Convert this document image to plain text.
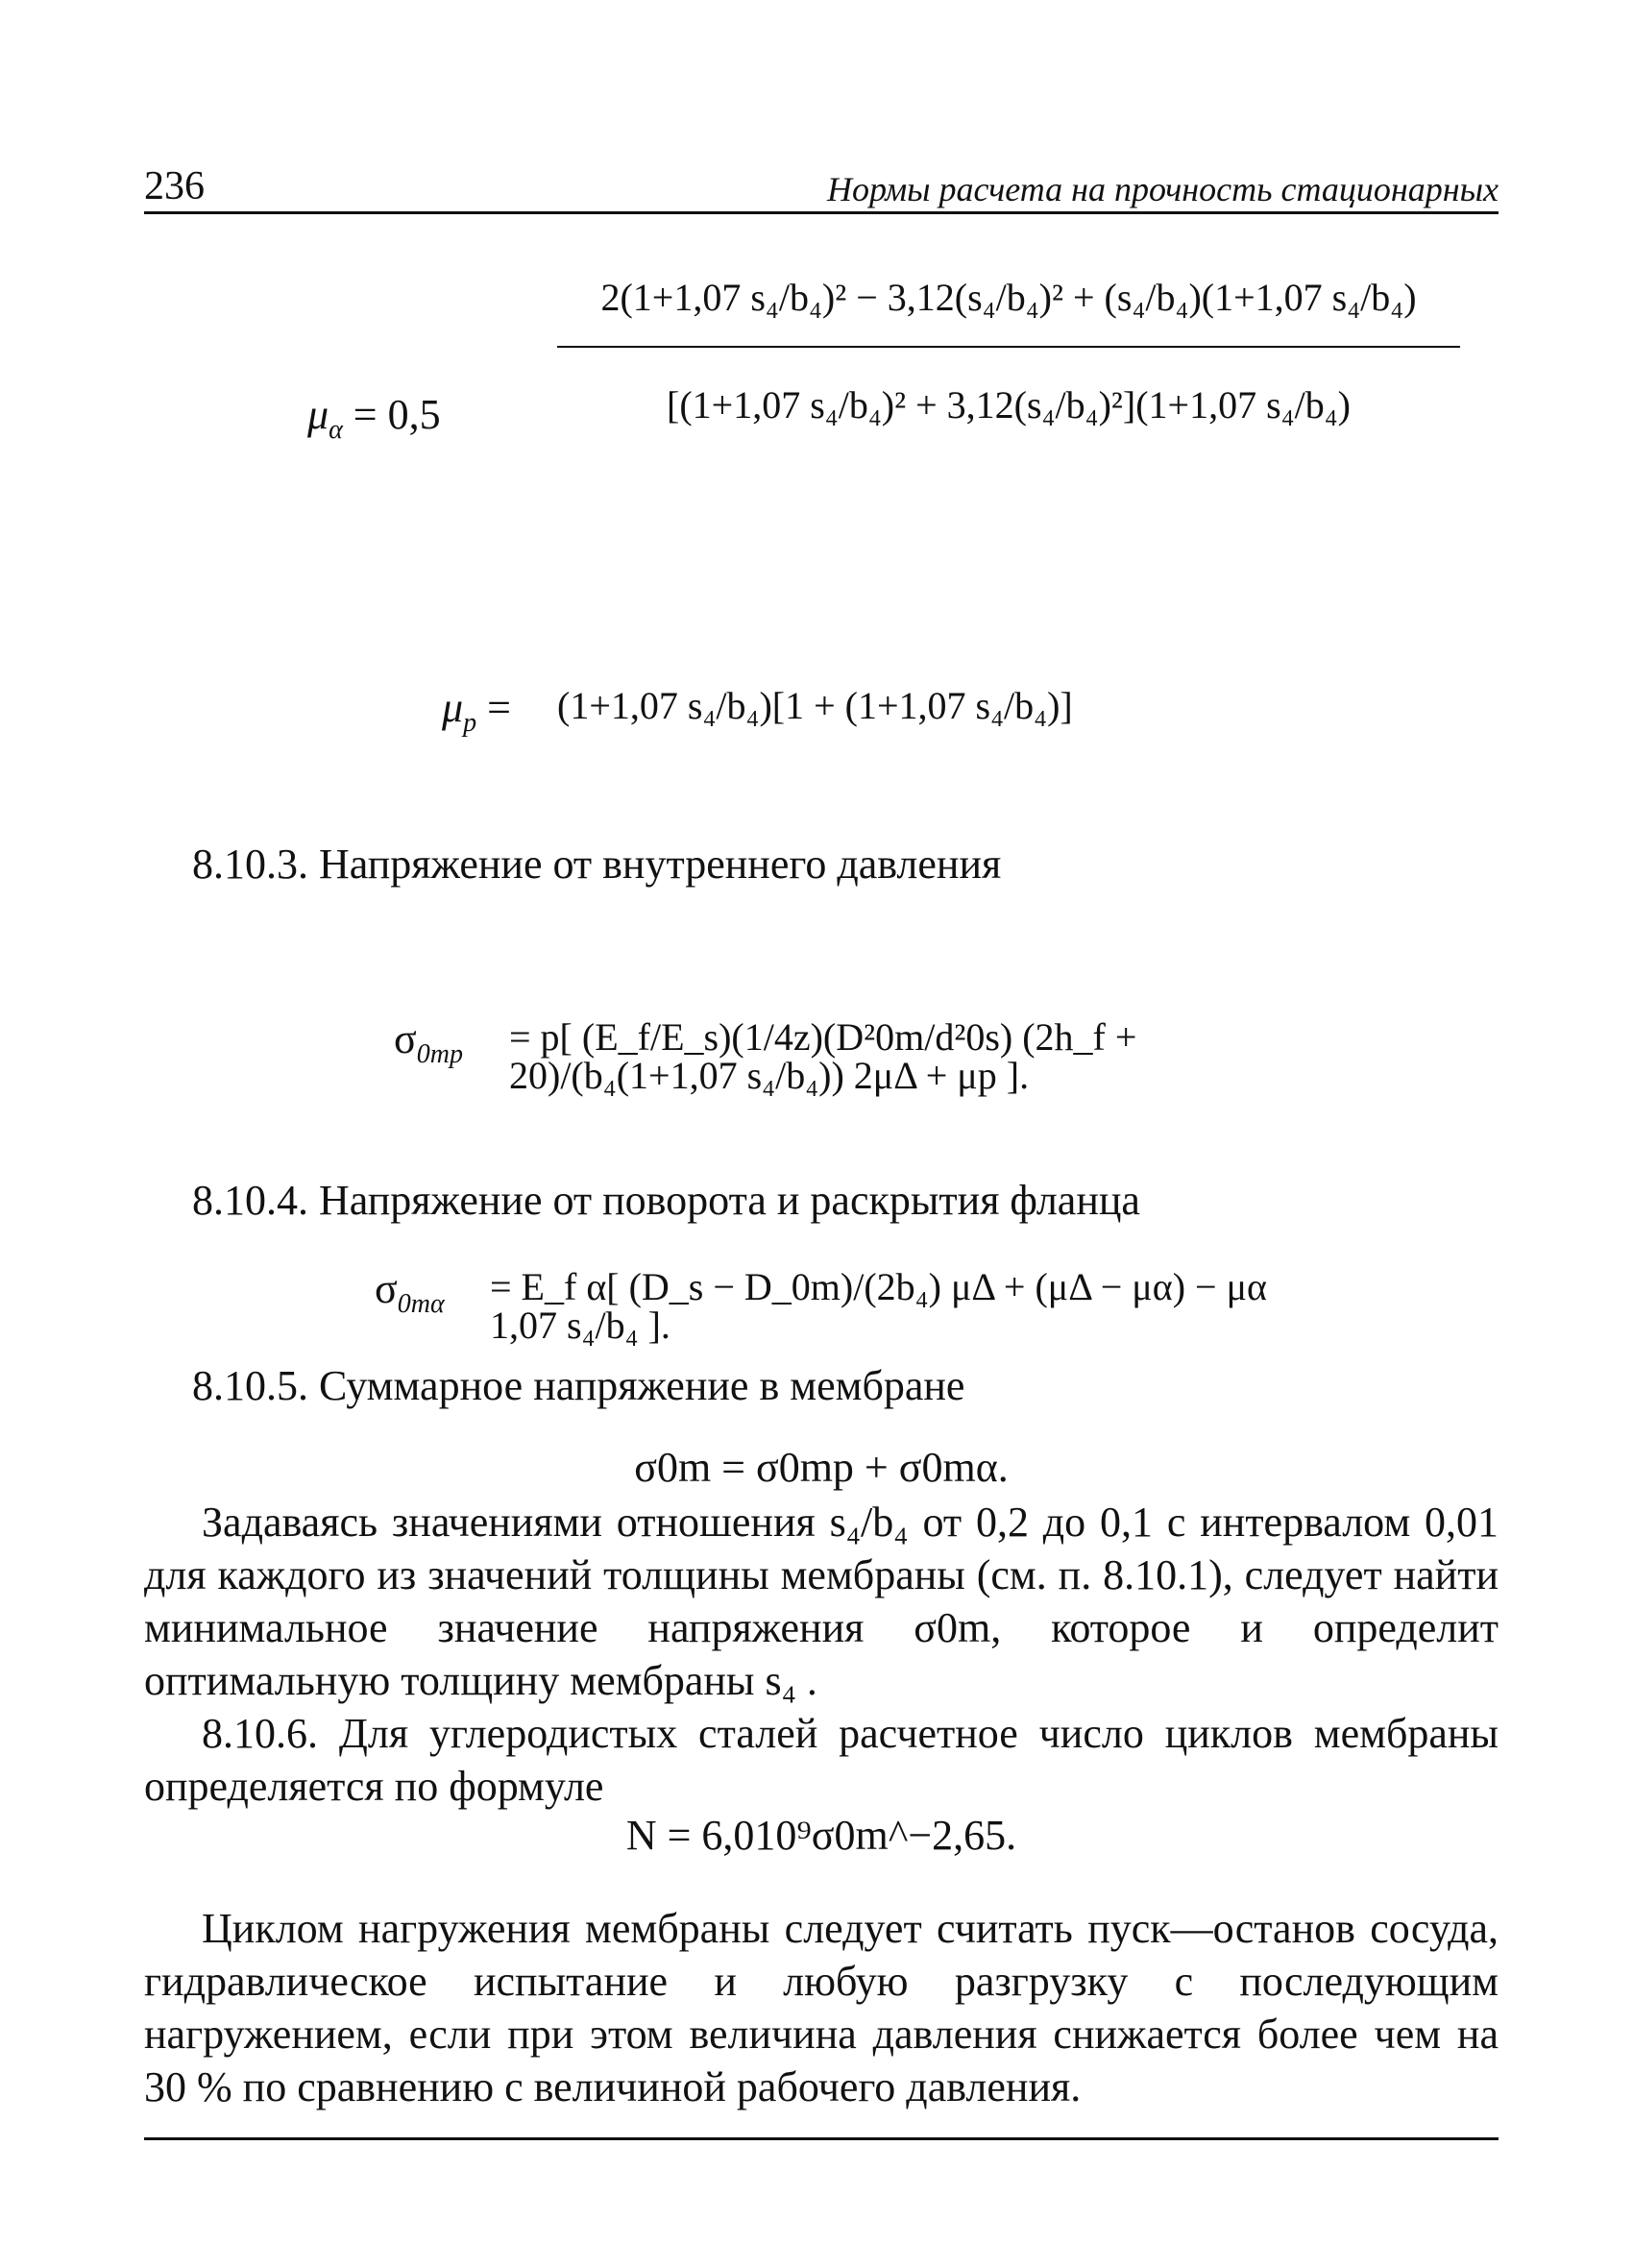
236	Нормы расчета на прочность стационарных
$\mu_\alpha = 0,5$	$\frac{\text{2(1+1,07 s₄/b₄)² − 3,12(s₄/b₄)² + (s₄/b₄)(1+1,07 s₄/b₄)}}{\text{[(1+1,07 s₄/b₄)² + 3,12(s₄/b₄)²](1+1,07 s₄/b₄)}}$
$\mu_p = (1+1,07$ s₄/b₄)[1 + (1+1,07 s₄/b₄)]
8.10.3. Напряжение от внутреннего давления
$\sigma_{0mp} = p$[ (E_f/E_s)(1/4z)(D²0m/d²0s) (2h_f + 20)/(b₄(1+1,07 s₄/b₄)) 2μΔ + μp ].
8.10.4. Напряжение от поворота и раскрытия фланца
$\sigma_{0m\alpha}$ = E_f α[ (D_s − D_0m)/(2b₄) μΔ + (μΔ − μα) − μα 1,07 s₄/b₄ ].
8.10.5. Суммарное напряжение в мембране
σ0m = σ0mp + σ0mα.
Задаваясь значениями отношения s₄/b₄ от 0,2 до 0,1 с интервалом 0,01 для каждого из значений толщины мембраны (см. п. 8.10.1), следует найти минимальное значение напряжения σ0m, которое и определит оптимальную толщину мембраны s₄ .
8.10.6. Для углеродистых сталей расчетное число циклов мембраны определяется по формуле
N = 6,010⁹σ0m^−2,65.
Циклом нагружения мембраны следует считать пуск—останов сосуда, гидравлическое испытание и любую разгрузку с последующим нагружением, если при этом величина давления снижается более чем на 30 % по сравнению с величиной рабочего давления.
